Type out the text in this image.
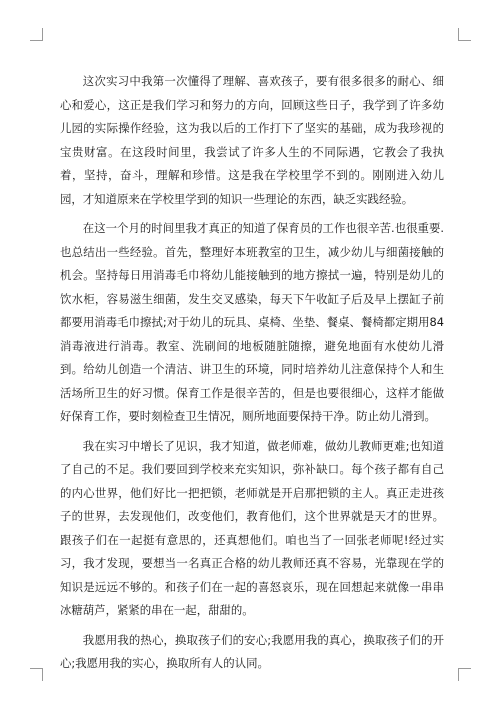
这次实习中我第一次懂得了理解、喜欢孩子，要有很多很多的耐心、细心和爱心，这正是我们学习和努力的方向，回顾这些日子，我学到了许多幼儿园的实际操作经验，这为我以后的工作打下了坚实的基础，成为我珍视的宝贵财富。在这段时间里，我尝试了许多人生的不同际遇，它教会了我执着，坚持，奋斗，理解和珍惜。这是我在学校里学不到的。刚刚进入幼儿园，才知道原来在学校里学到的知识一些理论的东西，缺乏实践经验。

在这一个月的时间里我才真正的知道了保育员的工作也很辛苦.也很重要.也总结出一些经验。首先，整理好本班教室的卫生，减少幼儿与细菌接触的机会。坚持每日用消毒毛巾将幼儿能接触到的地方擦拭一遍，特别是幼儿的饮水柜，容易滋生细菌，发生交叉感染，每天下午收缸子后及早上摆缸子前都要用消毒毛巾擦拭;对于幼儿的玩具、桌椅、坐垫、餐桌、餐椅都定期用84消毒液进行消毒。教室、洗刷间的地板随脏随擦，避免地面有水使幼儿滑到。给幼儿创造一个清洁、讲卫生的环境，同时培养幼儿注意保持个人和生活场所卫生的好习惯。保育工作是很辛苦的，但是也要很细心，这样才能做好保育工作，要时刻检查卫生情况，厕所地面要保持干净。防止幼儿滑到。

我在实习中增长了见识，我才知道，做老师难，做幼儿教师更难;也知道了自己的不足。我们要回到学校来充实知识，弥补缺口。每个孩子都有自己的内心世界，他们好比一把把锁，老师就是开启那把锁的主人。真正走进孩子的世界，去发现他们，改变他们，教育他们，这个世界就是天才的世界。跟孩子们在一起挺有意思的，还真想他们。咱也当了一回张老师呢!经过实习，我才发现，要想当一名真正合格的幼儿教师还真不容易，光靠现在学的知识是远远不够的。和孩子们在一起的喜怒哀乐，现在回想起来就像一串串冰糖葫芦，紧紧的串在一起，甜甜的。

我愿用我的热心，换取孩子们的安心;我愿用我的真心，换取孩子们的开心;我愿用我的实心，换取所有人的认同。
